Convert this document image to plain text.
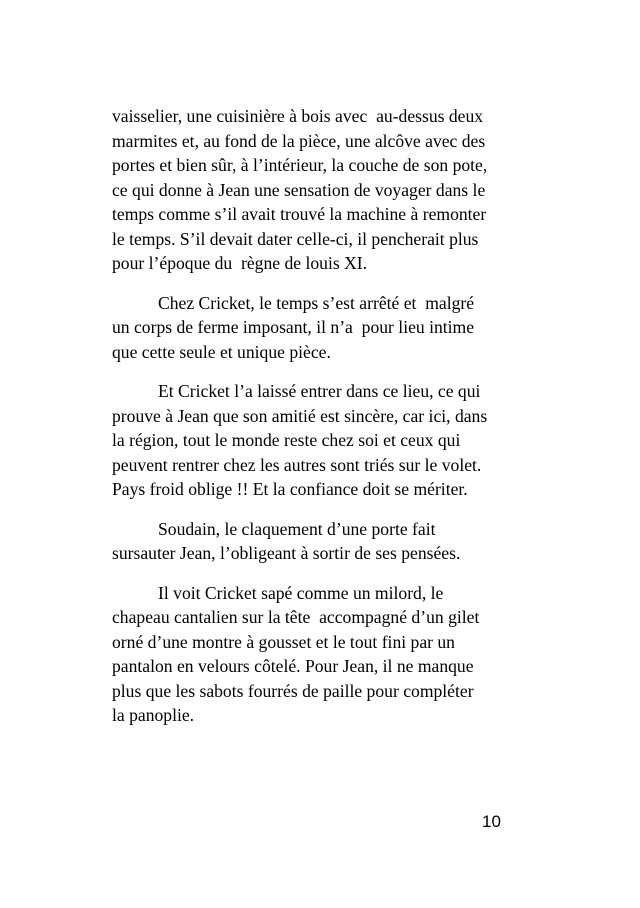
vaisselier, une cuisinière à bois avec  au-dessus deux
marmites et, au fond de la pièce, une alcôve avec des
portes et bien sûr, à l’intérieur, la couche de son pote,
ce qui donne à Jean une sensation de voyager dans le
temps comme s’il avait trouvé la machine à remonter
le temps. S’il devait dater celle-ci, il pencherait plus
pour l’époque du  règne de louis XI.

Chez Cricket, le temps s’est arrêté et  malgré
un corps de ferme imposant, il n’a  pour lieu intime
que cette seule et unique pièce.

Et Cricket l’a laissé entrer dans ce lieu, ce qui
prouve à Jean que son amitié est sincère, car ici, dans
la région, tout le monde reste chez soi et ceux qui
peuvent rentrer chez les autres sont triés sur le volet.
Pays froid oblige !! Et la confiance doit se mériter.

Soudain, le claquement d’une porte fait
sursauter Jean, l’obligeant à sortir de ses pensées.

Il voit Cricket sapé comme un milord, le
chapeau cantalien sur la tête  accompagné d’un gilet
orné d’une montre à gousset et le tout fini par un
pantalon en velours côtelé. Pour Jean, il ne manque
plus que les sabots fourrés de paille pour compléter
la panoplie.

10
